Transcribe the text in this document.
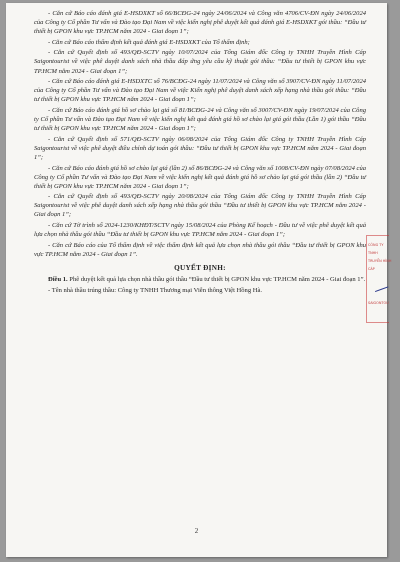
- Căn cứ Báo cáo đánh giá E-HSDXKT số 66/BCĐG-24 ngày 24/06/2024 và Công văn 4706/CV-ĐN ngày 24/06/2024 của Công ty Cổ phần Tư vấn và Đào tạo Đại Nam về việc kiến nghị phê duyệt kết quả đánh giá E-HSDXKT gói thầu: “Đầu tư thiết bị GPON khu vực TP.HCM năm 2024 - Giai đoạn 1”;

- Căn cứ Báo cáo thẩm định kết quả đánh giá E-HSDXKT của Tổ thẩm định;

- Căn cứ Quyết định số 493/QĐ-SCTV ngày 10/07/2024 của Tổng Giám đốc Công ty TNHH Truyền Hình Cáp Saigontourist về việc phê duyệt danh sách nhà thầu đáp ứng yêu cầu kỹ thuật gói thầu: “Đầu tư thiết bị GPON khu vực TP.HCM năm 2024 - Giai đoạn 1”;

- Căn cứ Báo cáo đánh giá E-HSDXTC số 76/BCĐG-24 ngày 11/07/2024 và Công văn số 3907/CV-ĐN ngày 11/07/2024 của Công ty Cổ phần Tư vấn và Đào tạo Đại Nam về việc Kiến nghị phê duyệt danh sách xếp hạng nhà thầu gói thầu: “Đầu tư thiết bị GPON khu vực TP.HCM năm 2024 - Giai đoạn 1”;

- Căn cứ Báo cáo đánh giá hồ sơ chào lại giá số 81/BCĐG-24 và Công văn số 3007/CV-ĐN ngày 19/07/2024 của Công ty Cổ phần Tư vấn và Đào tạo Đại Nam về việc kiến nghị kết quả đánh giá hồ sơ chào lại giá gói thầu (Lần 1) gói thầu “Đầu tư thiết bị GPON khu vực TP.HCM năm 2024 - Giai đoạn 1”;

- Căn cứ Quyết định số 571/QĐ-SCTV ngày 06/08/2024 của Tổng Giám đốc Công ty TNHH Truyền Hình Cáp Saigontourist về việc phê duyệt điều chỉnh dự toán gói thầu: “Đầu tư thiết bị GPON khu vực TP.HCM năm 2024 - Giai đoạn 1”;

- Căn cứ Báo cáo đánh giá hồ sơ chào lại giá (lần 2) số 86/BCĐG-24 và Công văn số 1008/CV-ĐN ngày 07/08/2024 của Công ty Cổ phần Tư vấn và Đào tạo Đại Nam về việc kiến nghị kết quả đánh giá hồ sơ chào lại giá gói thầu (lần 2) “Đầu tư thiết bị GPON khu vực TP.HCM năm 2024 - Giai đoạn 1”;

- Căn cứ Quyết định số 493/QĐ-SCTV ngày 20/08/2024 của Tổng Giám đốc Công ty TNHH Truyền Hình Cáp Saigontourist về việc phê duyệt danh sách xếp hạng nhà thầu gói thầu “Đầu tư thiết bị GPON khu vực TP.HCM năm 2024 - Giai đoạn 1”;

- Căn cứ Tờ trình số 2024-1230/KHĐT/SCTV ngày 15/08/2024 của Phòng Kế hoạch - Đầu tư về việc phê duyệt kết quả lựa chọn nhà thầu gói thầu “Đầu tư thiết bị GPON khu vực TP.HCM năm 2024 - Giai đoạn 1”;

- Căn cứ Báo cáo của Tổ thẩm định về việc thẩm định kết quả lựa chọn nhà thầu gói thầu “Đầu tư thiết bị GPON khu vực TP.HCM năm 2024 - Giai đoạn 1”.

QUYẾT ĐỊNH:

Điều 1. Phê duyệt kết quả lựa chọn nhà thầu gói thầu “Đầu tư thiết bị GPON khu vực TP.HCM năm 2024 - Giai đoạn 1”.

- Tên nhà thầu trúng thầu: Công ty TNHH Thương mại Viễn thông Việt Hồng Hà.

2
CÔNG TY
TNHH
TRUYỀN HÌNH
CÁP
SAIGONTOU
